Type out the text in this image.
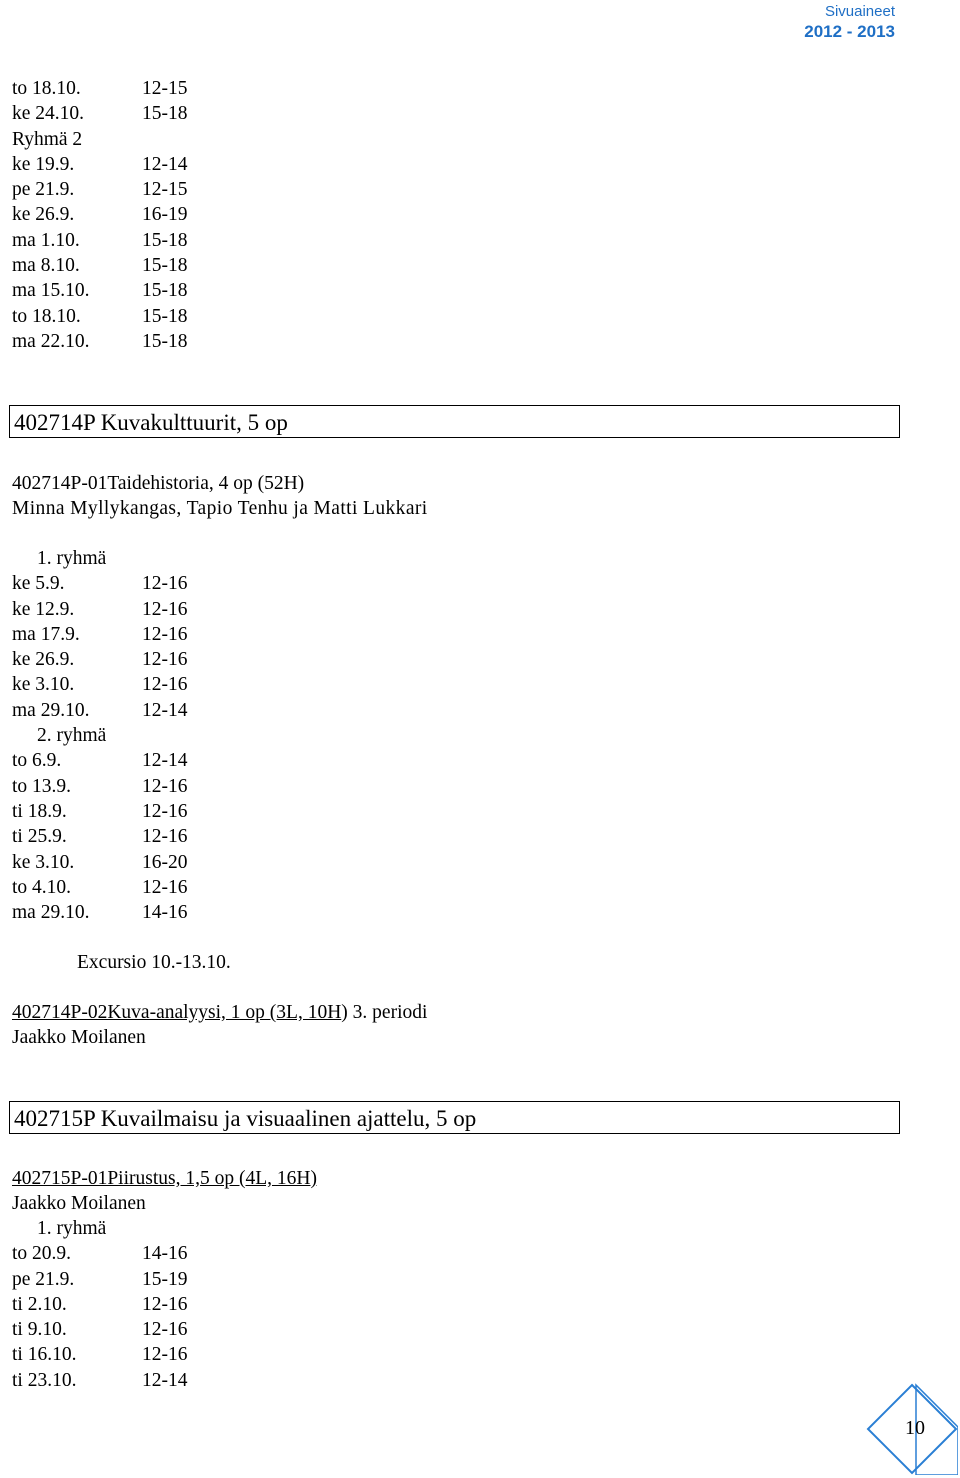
Sivuaineet
2012 - 2013
to 18.10.	12-15
ke 24.10.	15-18
Ryhmä 2
ke 19.9.	12-14
pe 21.9.	12-15
ke 26.9.	16-19
ma 1.10.	15-18
ma 8.10.	15-18
ma 15.10.	15-18
to 18.10.	15-18
ma 22.10.	15-18
402714P Kuvakulttuurit, 5 op
402714P-01Taidehistoria, 4 op (52H)
Minna Myllykangas, Tapio Tenhu ja Matti Lukkari
1. ryhmä
ke 5.9.	12-16
ke 12.9.	12-16
ma 17.9.	12-16
ke 26.9.	12-16
ke 3.10.	12-16
ma 29.10.	12-14
2. ryhmä
to 6.9.	12-14
to 13.9.	12-16
ti 18.9.	12-16
ti 25.9.	12-16
ke 3.10.	16-20
to 4.10.	12-16
ma 29.10.	14-16
Excursio 10.-13.10.
402714P-02Kuva-analyysi, 1 op (3L, 10H) 3. periodi
Jaakko Moilanen
402715P Kuvailmaisu ja visuaalinen ajattelu, 5 op
402715P-01Piirustus, 1,5 op (4L, 16H)
Jaakko Moilanen
1. ryhmä
to 20.9.	14-16
pe 21.9.	15-19
ti 2.10.	12-16
ti 9.10.	12-16
ti 16.10.	12-16
ti 23.10.	12-14
10
